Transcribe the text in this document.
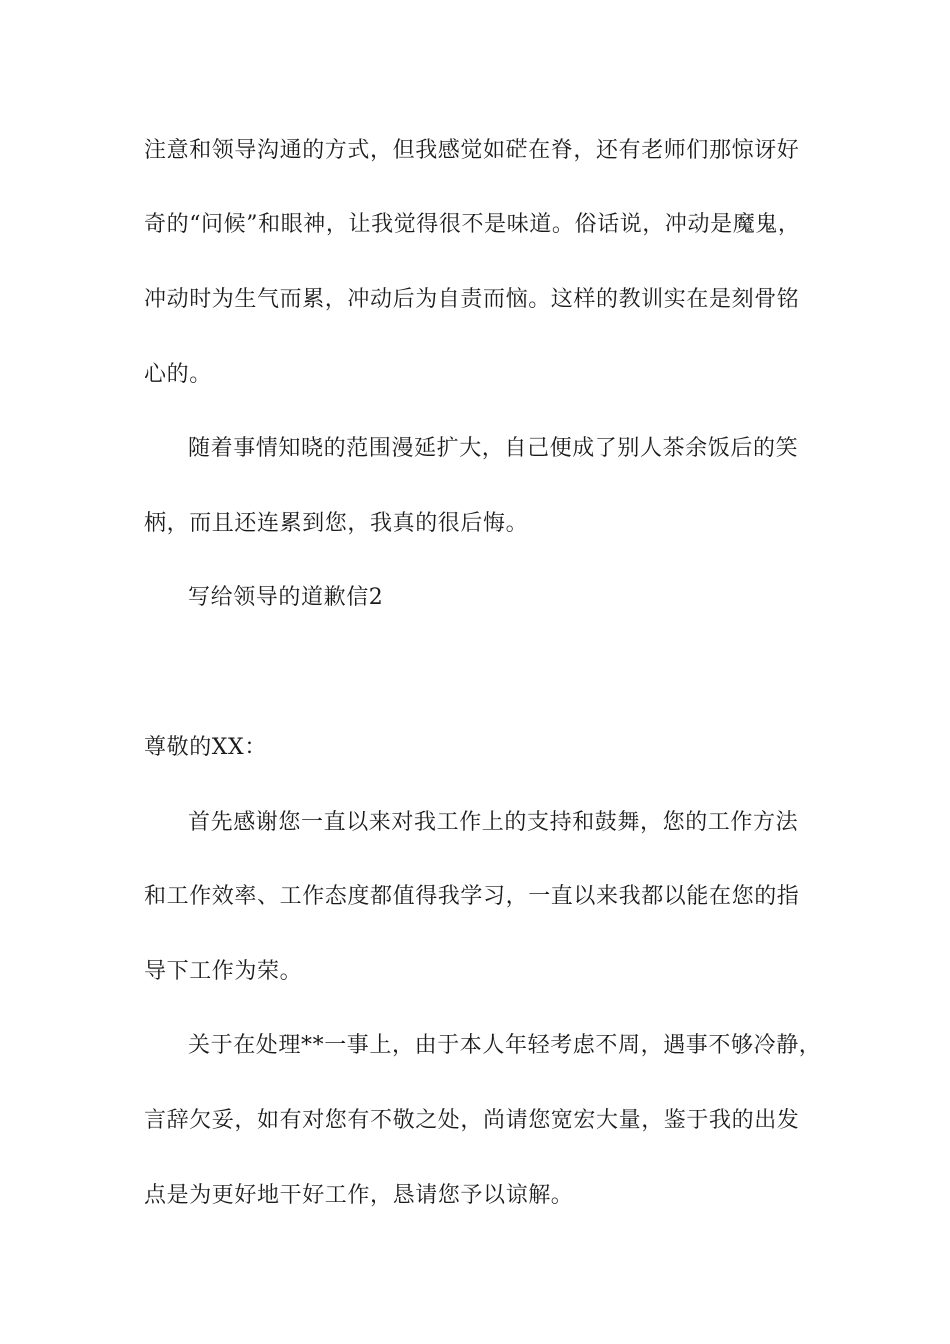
注意和领导沟通的方式，但我感觉如硭在脊，还有老师们那惊讶好
奇的“问候”和眼神，让我觉得很不是味道。俗话说，冲动是魔鬼，
冲动时为生气而累，冲动后为自责而恼。这样的教训实在是刻骨铭
心的。
随着事情知晓的范围漫延扩大，自己便成了别人茶余饭后的笑
柄，而且还连累到您，我真的很后悔。
写给领导的道歉信2
尊敬的XX：
首先感谢您一直以来对我工作上的支持和鼓舞，您的工作方法
和工作效率、工作态度都值得我学习，一直以来我都以能在您的指
导下工作为荣。
关于在处理**一事上，由于本人年轻考虑不周，遇事不够冷静，
言辞欠妥，如有对您有不敬之处，尚请您宽宏大量，鉴于我的出发
点是为更好地干好工作，恳请您予以谅解。
